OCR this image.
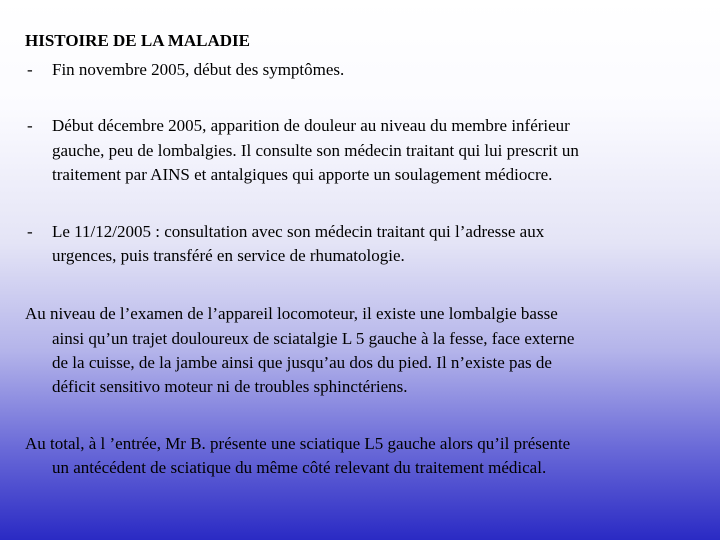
HISTOIRE DE LA MALADIE
- Fin novembre 2005, début des symptômes.
- Début décembre 2005, apparition de douleur au niveau du membre inférieur
gauche, peu de lombalgies. Il consulte son médecin traitant qui lui prescrit un
traitement par AINS et antalgiques qui apporte un soulagement médiocre.
- Le 11/12/2005 : consultation avec son médecin traitant qui l’adresse aux
urgences, puis transféré en service de rhumatologie.
Au niveau de l’examen de l’appareil locomoteur, il existe une lombalgie basse
ainsi qu’un trajet douloureux de sciatalgie L 5 gauche à la fesse, face externe
de la cuisse, de la jambe ainsi que jusqu’au dos du pied. Il n’existe pas de
déficit sensitivo moteur ni de troubles sphinctériens.
Au total, à l ’entrée, Mr B. présente une sciatique L5 gauche alors qu’il présente
un antécédent de sciatique du même côté relevant du traitement médical.
